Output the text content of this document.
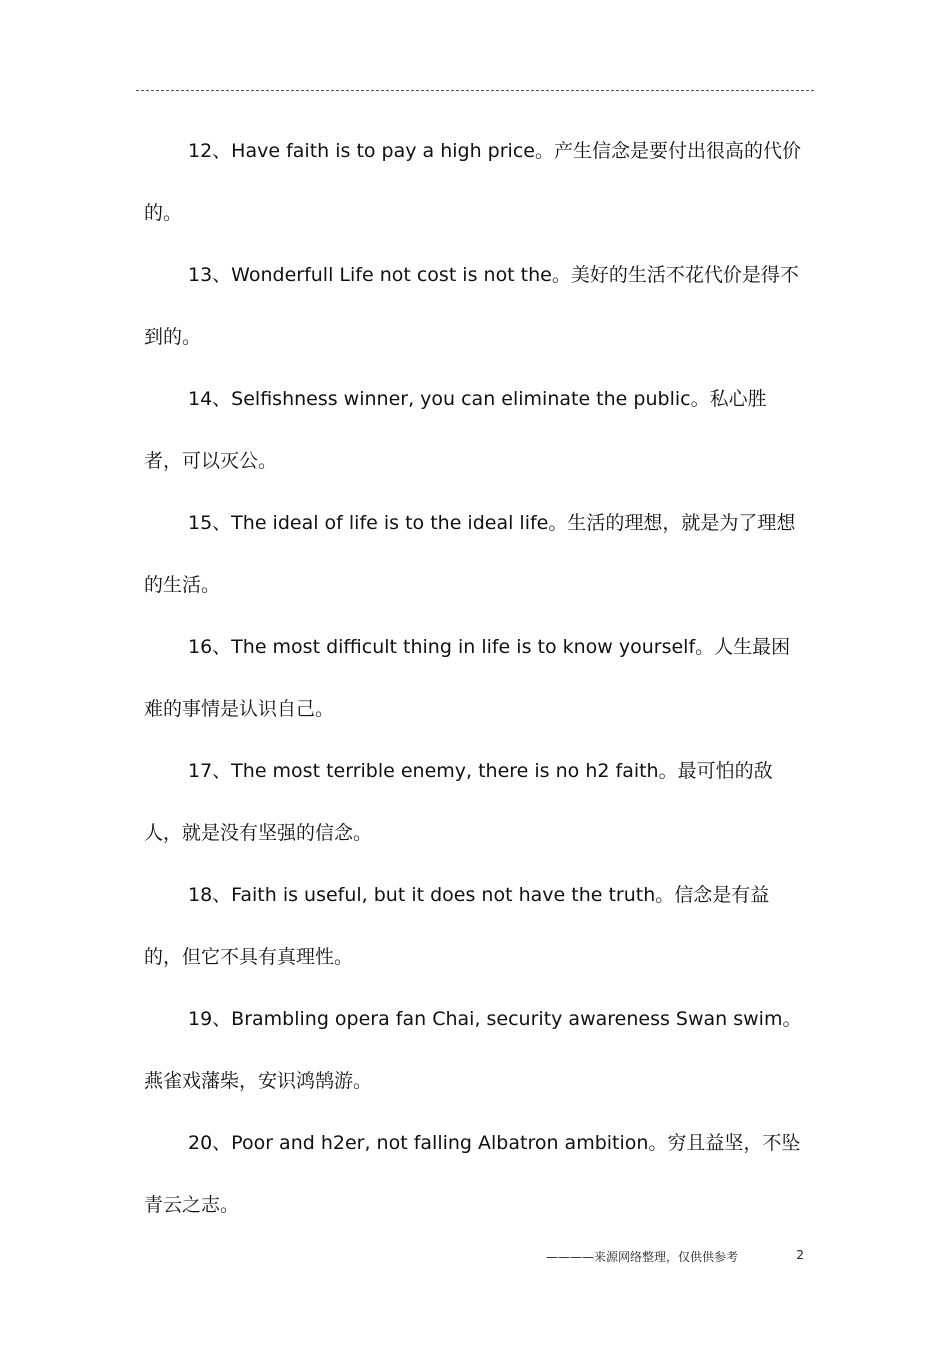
12、Have faith is to pay a high price。产生信念是要付出很高的代价的。

13、Wonderfull Life not cost is not the。美好的生活不花代价是得不到的。

14、Selfishness winner, you can eliminate the public。私心胜者，可以灭公。

15、The ideal of life is to the ideal life。生活的理想，就是为了理想的生活。

16、The most difficult thing in life is to know yourself。人生最困难的事情是认识自己。

17、The most terrible enemy, there is no h2 faith。最可怕的敌人，就是没有坚强的信念。

18、Faith is useful, but it does not have the truth。信念是有益的，但它不具有真理性。

19、Brambling opera fan Chai, security awareness Swan swim。燕雀戏藩柴，安识鸿鹄游。

20、Poor and h2er, not falling Albatron ambition。穷且益坚，不坠青云之志。

————来源网络整理，仅供供参考	2
